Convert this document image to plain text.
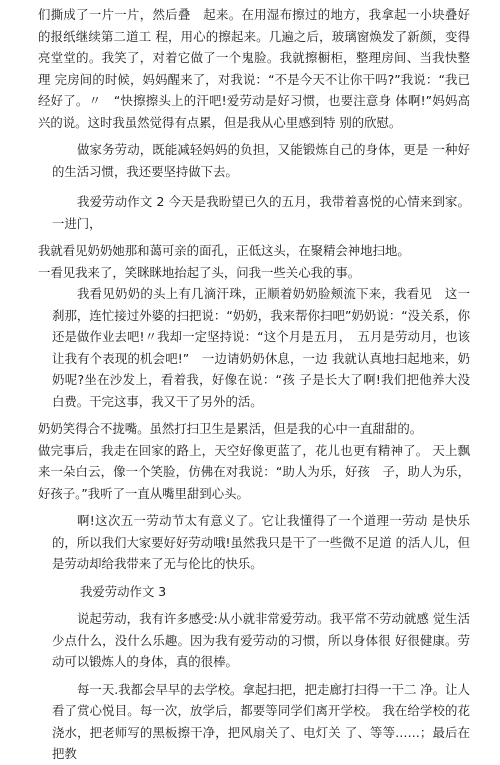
们撕成了一片一片，然后叠　起来。在用湿布擦过的地方，我拿起一小块叠好的报纸继续第二道工 程，用心的擦起来。几遍之后，玻璃窗焕发了新颜，变得亮堂堂的。我笑了，对着它做了一个鬼脸。我就擦橱柜，整理房间、当我快整理 完房间的时候，妈妈醒来了，对我说：“不是今天不让你干吗?”我说：“我已经好了。〃　“快擦擦头上的汗吧!爱劳动是好习惯，也要注意身 体啊!”妈妈高兴的说。这时我虽然觉得有点累，但是我从心里感到特 别的欣慰。

做家务劳动，既能减轻妈妈的负担，又能锻炼自己的身体，更是 一种好的生活习惯，我还要坚持做下去。

我爱劳动作文 2 今天是我盼望已久的五月，我带着喜悦的心情来到家。一进门，

我就看见奶奶她那和蔼可亲的面孔，正低这头，在聚精会神地扫地。

一看见我来了，笑眯眯地抬起了头，问我一些关心我的事。

我看见奶奶的头上有几滴汗珠，正顺着奶奶脸颊流下来，我看见　这一刹那，连忙接过外婆的扫把说：“奶奶，我来帮你扫吧”奶奶说：“没关系，你还是做作业去吧!〃我却一定坚持说：“这个月是五月，　五月是劳动月，也该让我有个表现的机会吧!”　一边请奶奶休息，一边 我就认真地扫起地来，奶奶呢?坐在沙发上，看着我，好像在说：“孩 子是长大了啊!我们把他养大没白费。干完这事，我又干了另外的活。

奶奶笑得合不拢嘴。虽然打扫卫生是累活，但是我的心中一直甜甜的。

做完事后，我走在回家的路上，天空好像更蓝了，花儿也更有精神了。 天上飘来一朵白云，像一个笑脸，仿佛在对我说：“助人为乐，好孩　子，助人为乐，好孩子。”我听了一直从嘴里甜到心头。

啊!这次五一劳动节太有意义了。它让我懂得了一个道理一劳动 是快乐的，所以我们大家要好好劳动哦!虽然我只是干了一些微不足道 的活人儿，但是劳动却给我带来了无与伦比的快乐。

我爱劳动作文 3

说起劳动，我有许多感受:从小就非常爱劳动。我平常不劳动就感 觉生活少点什么，没什么乐趣。因为我有爱劳动的习惯，所以身体很 好很健康。劳动可以锻炼人的身体，真的很棒。

每一天.我都会早早的去学校。拿起扫把，把走廊打扫得一干二 净。让人看了赏心悦目。每一次，放学后，都要等同学们离开学校。 我在给学校的花浇水，把老师写的黑板擦干净，把风扇关了、电灯关 了、等等……；最后在把教
